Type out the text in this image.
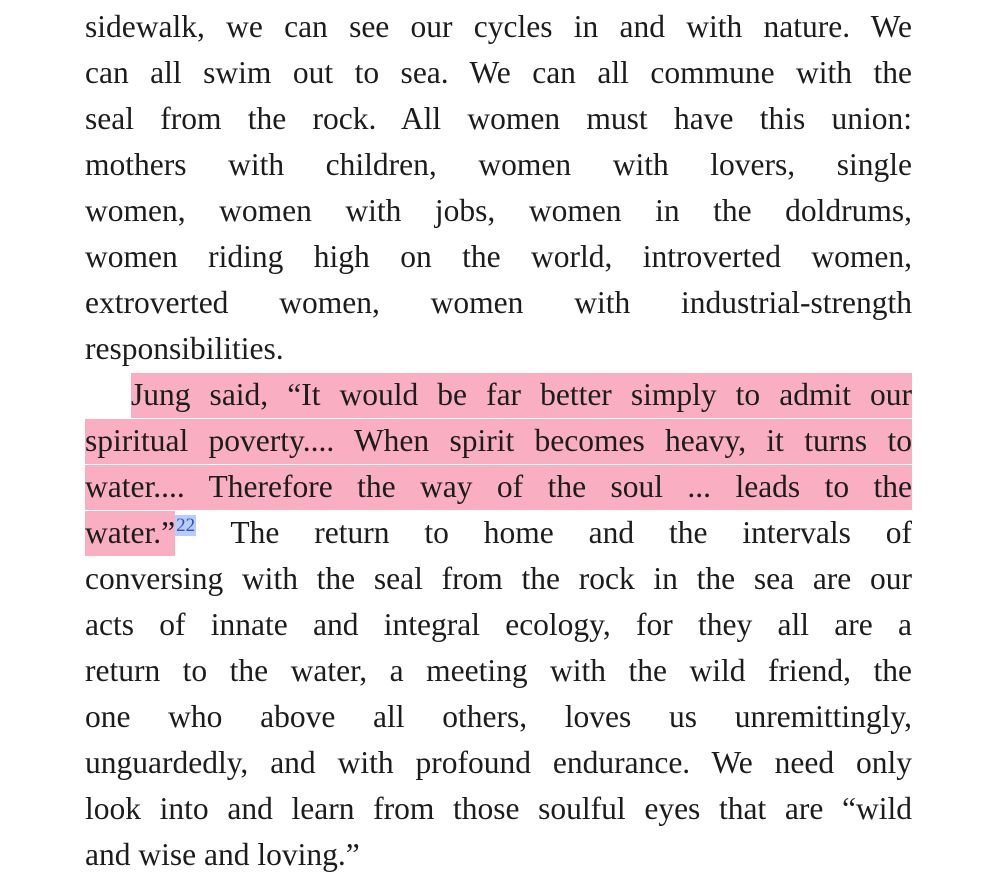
sidewalk, we can see our cycles in and with nature. We
can all swim out to sea. We can all commune with the
seal from the rock. All women must have this union:
mothers with children, women with lovers, single
women, women with jobs, women in the doldrums,
women riding high on the world, introverted women,
extroverted women, women with industrial-strength
responsibilities.
Jung said, “It would be far better simply to admit our
spiritual poverty.... When spirit becomes heavy, it turns to
water.... Therefore the way of the soul ... leads to the
water.”$^{22}$ The return to home and the intervals of
conversing with the seal from the rock in the sea are our
acts of innate and integral ecology, for they all are a
return to the water, a meeting with the wild friend, the
one who above all others, loves us unremittingly,
unguardedly, and with profound endurance. We need only
look into and learn from those soulful eyes that are “wild
and wise and loving.”
